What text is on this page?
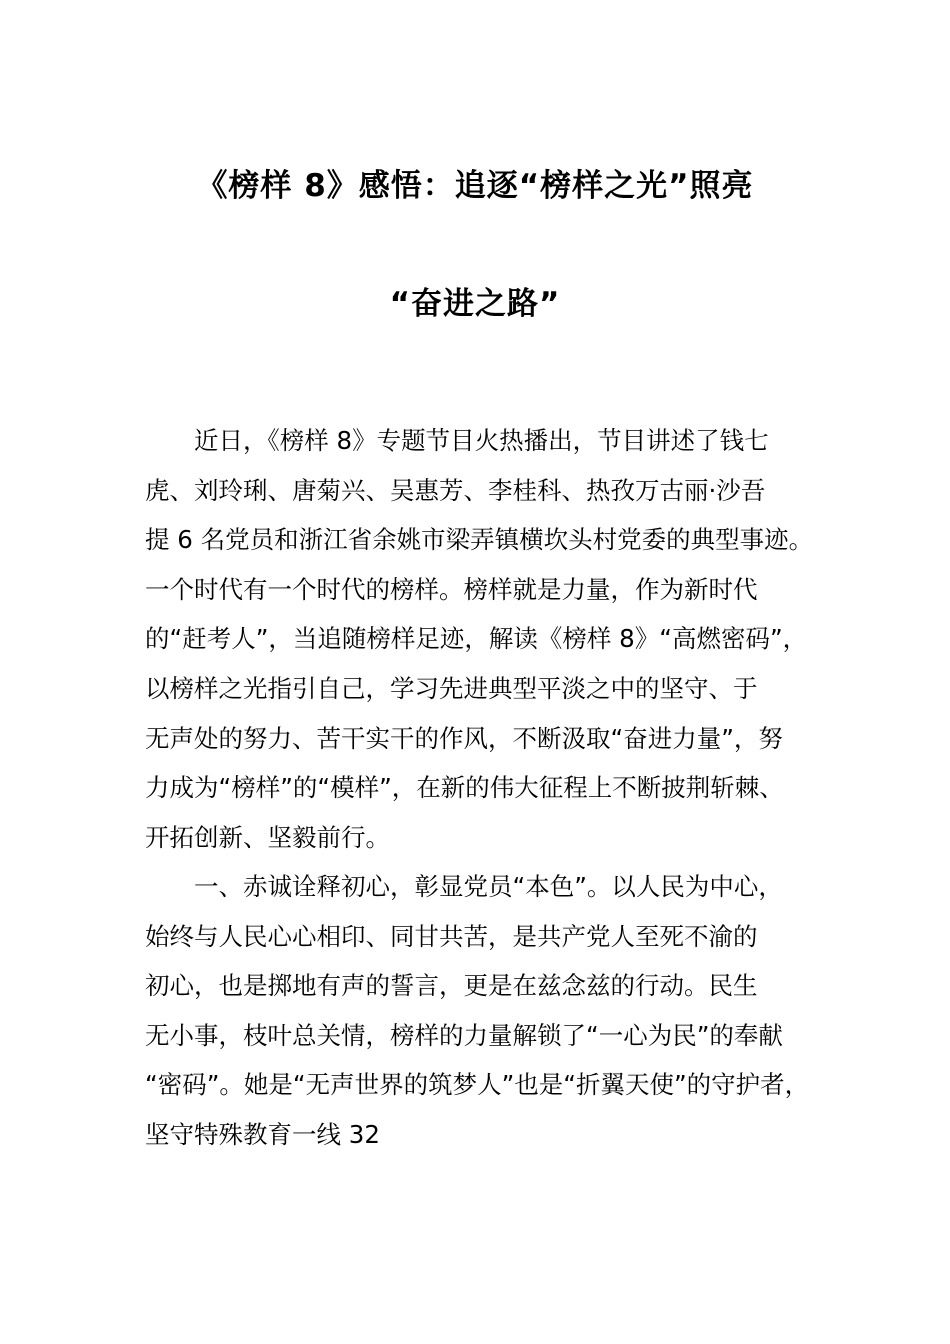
《榜样 8》感悟：追逐“榜样之光”照亮
“奋进之路”
近日，《榜样 8》专题节目火热播出，节目讲述了钱七
虎、刘玲琍、唐菊兴、吴惠芳、李桂科、热孜万古丽·沙吾
提 6 名党员和浙江省余姚市梁弄镇横坎头村党委的典型事迹。
一个时代有一个时代的榜样。榜样就是力量，作为新时代
的“赶考人”，当追随榜样足迹，解读《榜样 8》“高燃密码”，
以榜样之光指引自己，学习先进典型平淡之中的坚守、于
无声处的努力、苦干实干的作风，不断汲取“奋进力量”，努
力成为“榜样”的“模样”，在新的伟大征程上不断披荆斩棘、
开拓创新、坚毅前行。
一、赤诚诠释初心，彰显党员“本色”。以人民为中心，
始终与人民心心相印、同甘共苦，是共产党人至死不渝的
初心，也是掷地有声的誓言，更是在兹念兹的行动。民生
无小事，枝叶总关情，榜样的力量解锁了“一心为民”的奉献
“密码”。她是“无声世界的筑梦人”也是“折翼天使”的守护者，
坚守特殊教育一线 32
